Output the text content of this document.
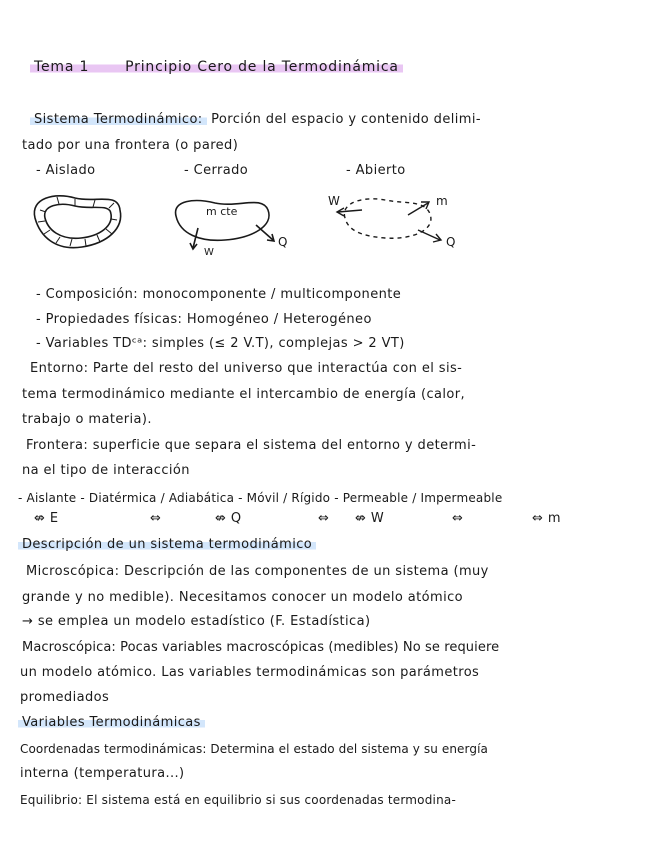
Tema 1	Principio Cero de la Termodinámica
Sistema Termodinámico: Porción del espacio y contenido delimi-
tado por una frontera (o pared)
- Aislado	- Cerrado	- Abierto
m cte
W
Q
W	m
Q
- Composición: monocomponente / multicomponente
- Propiedades físicas: Homogéneo / Heterogéneo
- Variables TDᶜᵃ: simples (≤ 2 V.T), complejas > 2 VT)
Entorno: Parte del resto del universo que interactúa con el sis-
tema termodinámico mediante el intercambio de energía (calor,
trabajo o materia).
Frontera: superficie que separa el sistema del entorno y determi-
na el tipo de interacción
- Aislante - Diatérmica / Adiabática - Móvil / Rígido - Permeable / Impermeable
⇎ E	⇔	⇎ Q	⇔ ⇎ W	⇔	⇔ m
Descripción de un sistema termodinámico
Microscópica: Descripción de las componentes de un sistema (muy
grande y no medible). Necesitamos conocer un modelo atómico
→ se emplea un modelo estadístico (F. Estadística)
Macroscópica: Pocas variables macroscópicas (medibles) No se requiere
un modelo atómico. Las variables termodinámicas son parámetros
promediados
Variables Termodinámicas
Coordenadas termodinámicas: Determina el estado del sistema y su energía
interna (temperatura...)
Equilibrio: El sistema está en equilibrio si sus coordenadas termodina-
